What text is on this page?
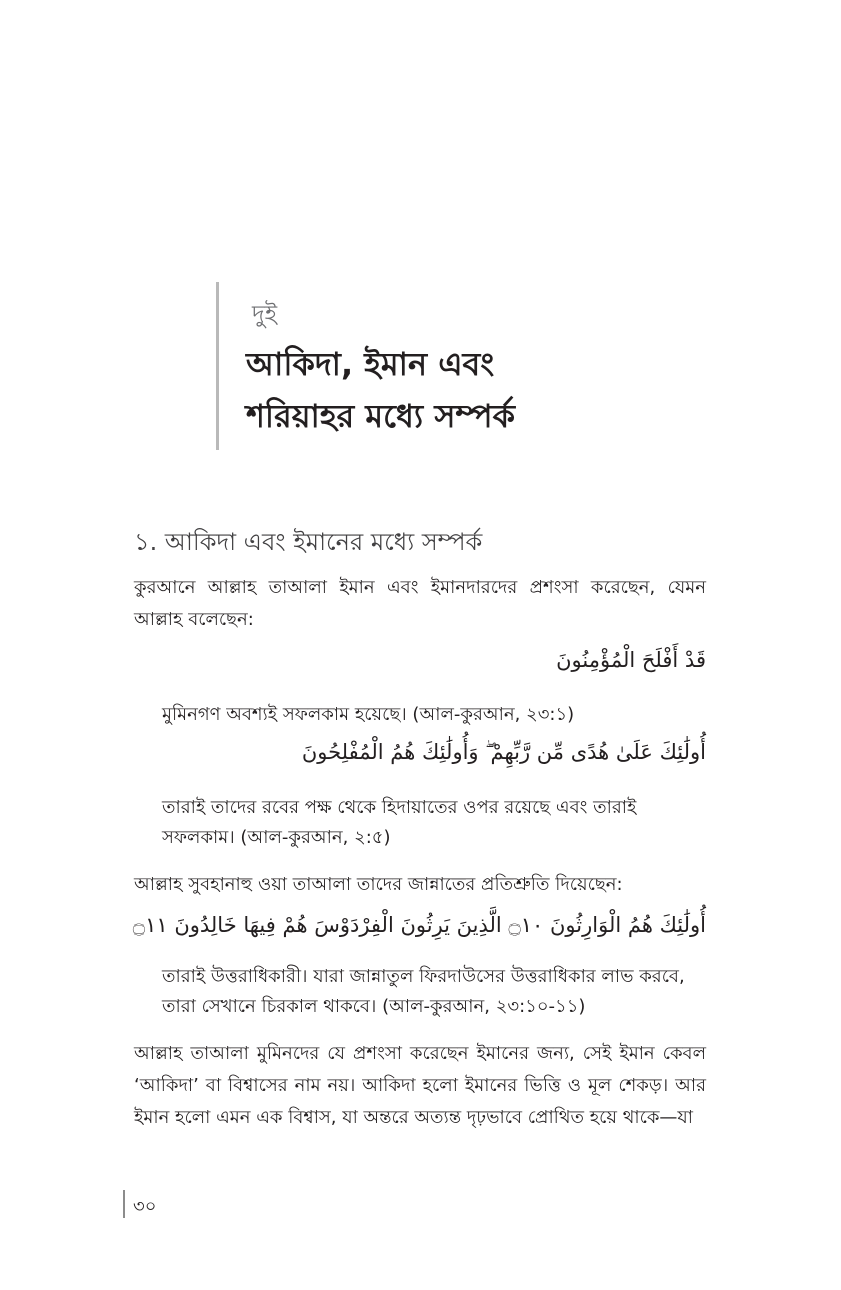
দুই
আকিদা, ইমান এবং
শরিয়াহর মধ্যে সম্পর্ক
১. আকিদা এবং ইমানের মধ্যে সম্পর্ক

কুরআনে আল্লাহ তাআলা ইমান এবং ইমানদারদের প্রশংসা করেছেন, যেমন আল্লাহ বলেছেন:

قَدْ أَفْلَحَ الْمُؤْمِنُونَ
মুমিনগণ অবশ্যই সফলকাম হয়েছে। (আল-কুরআন, ২৩:১)
أُولَٰئِكَ عَلَىٰ هُدًى مِّن رَّبِّهِمْ ۖ وَأُولَٰئِكَ هُمُ الْمُفْلِحُونَ
তারাই তাদের রবের পক্ষ থেকে হিদায়াতের ওপর রয়েছে এবং তারাই সফলকাম। (আল-কুরআন, ২:৫)

আল্লাহ সুবহানাহু ওয়া তাআলা তাদের জান্নাতের প্রতিশ্রুতি দিয়েছেন:

أُولَٰئِكَ هُمُ الْوَارِثُونَ ۝١٠ الَّذِينَ يَرِثُونَ الْفِرْدَوْسَ هُمْ فِيهَا خَالِدُونَ ۝١١
তারাই উত্তরাধিকারী। যারা জান্নাতুল ফিরদাউসের উত্তরাধিকার লাভ করবে, তারা সেখানে চিরকাল থাকবে। (আল-কুরআন, ২৩:১০-১১)

আল্লাহ তাআলা মুমিনদের যে প্রশংসা করেছেন ইমানের জন্য, সেই ইমান কেবল ‘আকিদা’ বা বিশ্বাসের নাম নয়। আকিদা হলো ইমানের ভিত্তি ও মূল শেকড়। আর ইমান হলো এমন এক বিশ্বাস, যা অন্তরে অত্যন্ত দৃঢ়ভাবে প্রোথিত হয়ে থাকে—যা

৩০
